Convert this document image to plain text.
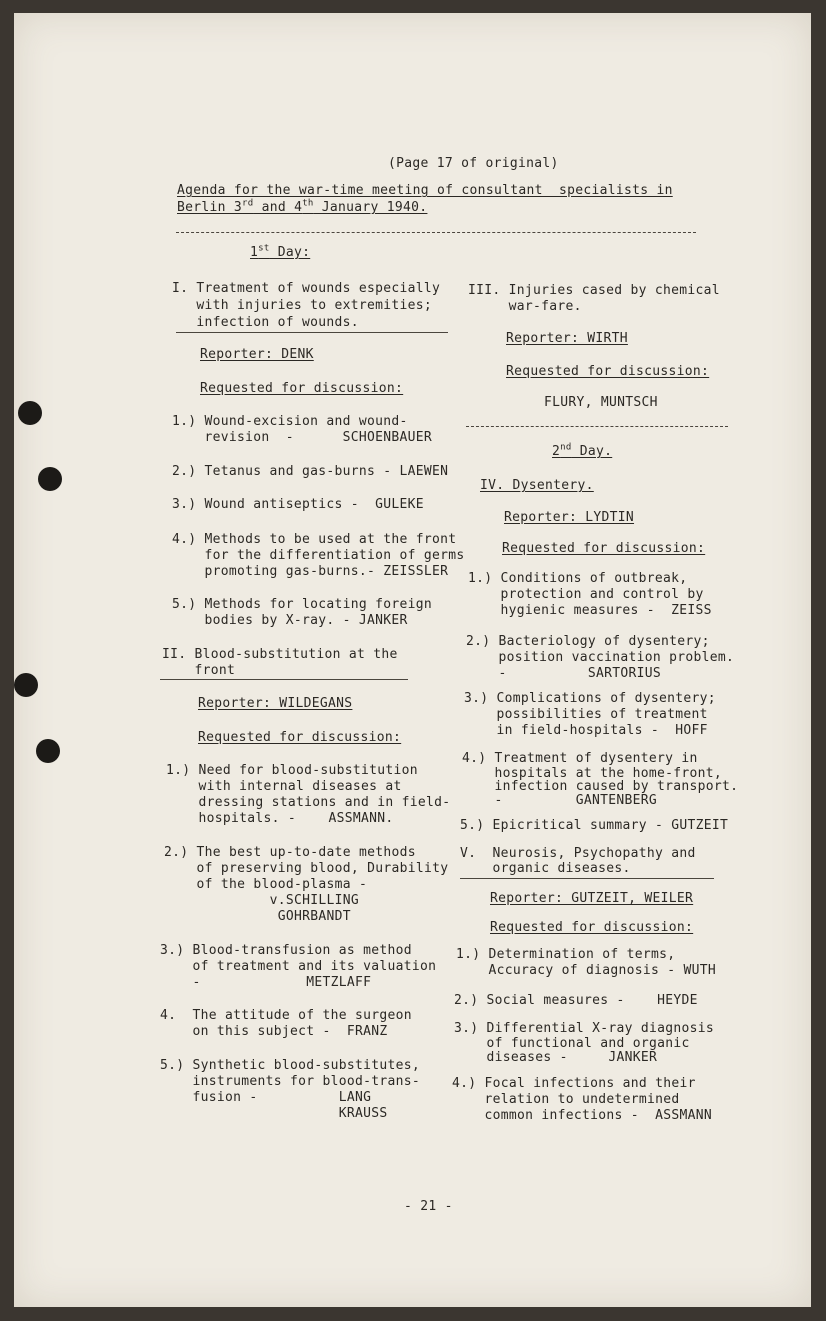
(Page 17 of original)
Agenda for the war-time meeting of consultant  specialists in
Berlin 3rd and 4th January 1940.
1st Day:
I. Treatment of wounds especially
with injuries to extremities;
infection of wounds.
Reporter: DENK
Requested for discussion:
1.) Wound-excision and wound-
revision  -      SCHOENBAUER
2.) Tetanus and gas-burns - LAEWEN
3.) Wound antiseptics -  GULEKE
4.) Methods to be used at the front
for the differentiation of germs
promoting gas-burns.- ZEISSLER
5.) Methods for locating foreign
bodies by X-ray. - JANKER
II. Blood-substitution at the
front
Reporter: WILDEGANS
Requested for discussion:
1.) Need for blood-substitution
with internal diseases at
dressing stations and in field-
hospitals. -    ASSMANN.
2.) The best up-to-date methods
of preserving blood, Durability
of the blood-plasma -
v.SCHILLING
GOHRBANDT
3.) Blood-transfusion as method
of treatment and its valuation
-             METZLAFF
4.  The attitude of the surgeon
on this subject -  FRANZ
5.) Synthetic blood-substitutes,
instruments for blood-trans-
fusion -          LANG
KRAUSS
III. Injuries cased by chemical
war-fare.
Reporter: WIRTH
Requested for discussion:
FLURY, MUNTSCH
2nd Day.
IV. Dysentery.
Reporter: LYDTIN
Requested for discussion:
1.) Conditions of outbreak,
protection and control by
hygienic measures -  ZEISS
2.) Bacteriology of dysentery;
position vaccination problem.
-          SARTORIUS
3.) Complications of dysentery;
possibilities of treatment
in field-hospitals -  HOFF
4.) Treatment of dysentery in
hospitals at the home-front,
infection caused by transport.
-         GANTENBERG
5.) Epicritical summary - GUTZEIT
V.  Neurosis, Psychopathy and
organic diseases.
Reporter: GUTZEIT, WEILER
Requested for discussion:
1.) Determination of terms,
Accuracy of diagnosis - WUTH
2.) Social measures -    HEYDE
3.) Differential X-ray diagnosis
of functional and organic
diseases -     JANKER
4.) Focal infections and their
relation to undetermined
common infections -  ASSMANN
- 21 -
